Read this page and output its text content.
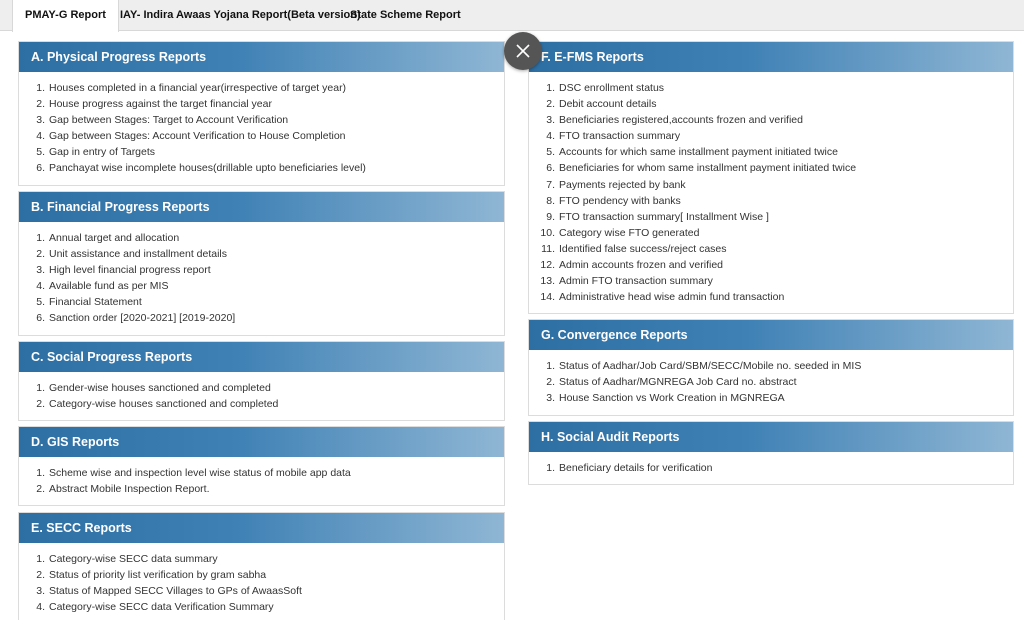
PMAY-G Report	IAY- Indira Awaas Yojana Report(Beta version)
State Scheme Report
A. Physical Progress Reports
1. Houses completed in a financial year(irrespective of target year)
2. House progress against the target financial year
3. Gap between Stages: Target to Account Verification
4. Gap between Stages: Account Verification to House Completion
5. Gap in entry of Targets
6. Panchayat wise incomplete houses(drillable upto beneficiaries level)
B. Financial Progress Reports
1. Annual target and allocation
2. Unit assistance and installment details
3. High level financial progress report
4. Available fund as per MIS
5. Financial Statement
6. Sanction order [2020-2021] [2019-2020]
C. Social Progress Reports
1. Gender-wise houses sanctioned and completed
2. Category-wise houses sanctioned and completed
D. GIS Reports
1. Scheme wise and inspection level wise status of mobile app data
2. Abstract Mobile Inspection Report.
E. SECC Reports
1. Category-wise SECC data summary
2. Status of priority list verification by gram sabha
3. Status of Mapped SECC Villages to GPs of AwaasSoft
4. Category-wise SECC data Verification Summary
F. E-FMS Reports
1. DSC enrollment status
2. Debit account details
3. Beneficiaries registered,accounts frozen and verified
4. FTO transaction summary
5. Accounts for which same installment payment initiated twice
6. Beneficiaries for whom same installment payment initiated twice
7. Payments rejected by bank
8. FTO pendency with banks
9. FTO transaction summary[ Installment Wise ]
10. Category wise FTO generated
11. Identified false success/reject cases
12. Admin accounts frozen and verified
13. Admin FTO transaction summary
14. Administrative head wise admin fund transaction
G. Convergence Reports
1. Status of Aadhar/Job Card/SBM/SECC/Mobile no. seeded in MIS
2. Status of Aadhar/MGNREGA Job Card no. abstract
3. House Sanction vs Work Creation in MGNREGA
H. Social Audit Reports
1. Beneficiary details for verification
